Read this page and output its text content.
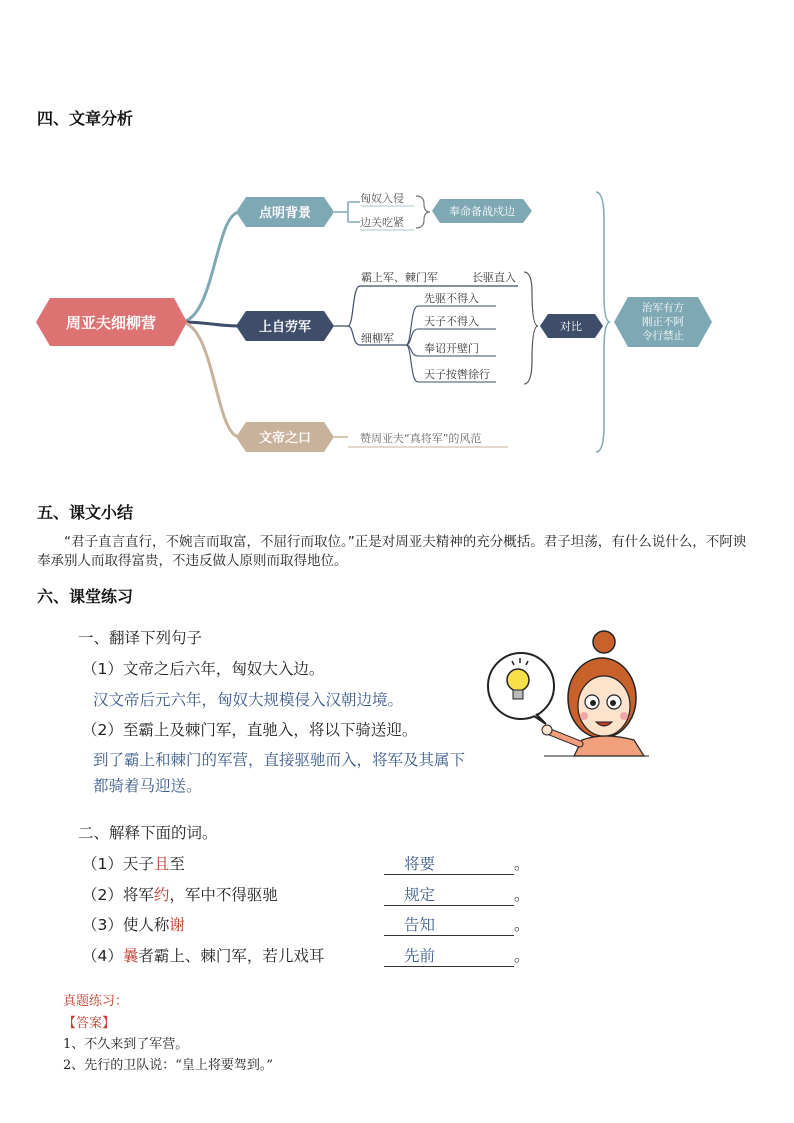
四、文章分析
周亚夫细柳营
点明背景
匈奴入侵
边关吃紧
奉命备战戍边
上自劳军
霸上军、棘门军	长驱直入
细柳军
先驱不得入
天子不得入
奉诏开壁门
天子按辔徐行
对比
文帝之口	赞周亚夫“真将军”的风范
治军有方
刚正不阿
令行禁止
五、课文小结
“君子直言直行，不婉言而取富，不屈行而取位。”正是对周亚夫精神的充分概括。君子坦荡，有什么说什么，不阿谀奉承别人而取得富贵，不违反做人原则而取得地位。
六、课堂练习
一、翻译下列句子
（1）文帝之后六年，匈奴大入边。
汉文帝后元六年，匈奴大规模侵入汉朝边境。
（2）至霸上及棘门军，直驰入，将以下骑送迎。
到了霸上和棘门的军营，直接驱驰而入，将军及其属下
都骑着马迎送。
二、解释下面的词。
（1）天子且至	将要	。
（2）将军约，军中不得驱驰	规定	。
（3）使人称谢	告知	。
（4）曩者霸上、棘门军，若儿戏耳	先前	。
真题练习：
【答案】
1、不久来到了军营。
2、先行的卫队说：“皇上将要驾到。”
